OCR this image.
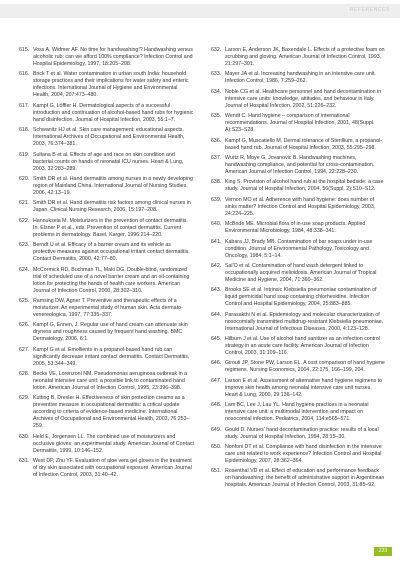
REFERENCES
615. Voss A, Widmer AF. No time for handwashing!? Handwashing versus alcoholic rub: can we afford 100% compliance? Infection Control and Hospital Epidemiology, 1997, 18:205–208.
616. Brick T et al. Water contamination in urban south India: household storage practices and their implications for water safety and enteric infections. International Journal of Hygiene and Environmental Health, 2004, 207:473–480.
617. Kampf G, Löffler H. Dermatological aspects of a successful introduction and continuation of alcohol-based hand rubs for hygienic hand disinfection. Journal of Hospital Infection, 2003, 55:1–7.
618. Schwanitz HJ et al. Skin care management: educational aspects. International Archives of Occupational and Environmental Health, 2003, 76:374–381.
619. Sultana B et al. Effects of age and race on skin condition and bacterial counts on hands of neonatal ICU nurses. Heart & Lung, 2003, 32:283–289.
620. Smith DR et al. Hand dermatitis among nurses in a newly developing region of Mainland China. International Journal of Nursing Studies, 2006, 42:13–19.
621. Smith DR et al. Hand dermatitis risk factors among clinical nurses in Japan. Clinical Nursing Research, 2006, 15:197–208.
622. Hannuksela M. Moisturizers in the prevention of contact dermatitis. In: Elsner P et al., eds. Prevention of contact dermatitis. Current problems in dermatology. Basel, Karger, 1996:214–220.
623. Berndt U et al. Efficacy of a barrier cream and its vehicle as protective measures against occupational irritant contact dermatitis. Contact Dermatitis, 2000, 42:77–80.
624. McCormick RD, Buchman TL, Maki DG. Double-blind, randomized trial of scheduled use of a novel barrier cream and an oil-containing lotion for protecting the hands of health care workers. American Journal of Infection Control, 2000, 28:302–310.
625. Ramsing DW, Agner T. Preventive and therapeutic effects of a moisturizer. An experimental study of human skin. Acta dermato-venereologica, 1997, 77:335–337.
626. Kampf G, Ennen, J. Regular use of hand cream can attenuate skin dryness and roughness caused by frequent hand washing. BMC Dermatology, 2006, 6:1.
627. Kampf G et al. Emollients in a propanol-based hand rub can significantly decrease irritant contact dermatitis. Contact Dermatitis, 2005, 53:344–349.
628. Becks VE, Lorenzoni NM. Pseudomonas aeruginosa outbreak in a neonatal intensive care unit: a possible link to contaminated hand lotion. American Journal of Infection Control, 1995, 23:396–398.
629. Kutting B, Drexler H. Effectiveness of skin protection creams as a preventive measure in occupational dermatitis: a critical update according to criteria of evidence-based medicine. International Archives of Occupational and Environmental Health, 2003, 76:253–259.
630. Held E, Jorgensen LL. The combined use of moisturizers and occlusive gloves: an experimental study. American Journal of Contact Dermatitis, 1999, 10:146–152.
631. West DP, Zhu YF. Evaluation of aloe vera gel gloves in the treatment of dry skin associated with occupational exposure. American Journal of Infection Control, 2003, 31:40–42.
632. Larson E, Anderson JK, Baxendale L. Effects of a protective foam on scrubbing and gloving. American Journal of Infection Control, 1993, 21:297–301.
633. Mayer JA et al. Increasing handwashing in an intensive care unit. Infection Control, 1986, 7:259–262.
634. Noble CG et al. Healthcare personnel and hand decontamination in intensive care units: knowledge, attitudes, and behaviour in Italy. Journal of Hospital Infection, 2002, 51:226–232.
635. Wendt C. Hand hygiene – comparison of international recommendations. Journal of Hospital Infection, 2001, 48(Suppl. A):S23–S28.
636. Kampf G, Muscatiello M. Dermal tolerance of Sterillium, a propanol-based hand rub. Journal of Hospital Infection, 2003, 55:295–298.
637. Wurtz R, Moye G, Jovanovic B. Handwashing machines, handwashing compliance, and potential for cross-contamination. American Journal of Infection Control, 1994, 22:228–230.
638. King S. Provision of alcohol hand rub at the hospital bedside: a case study. Journal of Hospital Infection, 2004, 56(Suppl. 2):S10–S12.
639. Vernon MO et al. Adherence with hand hygiene: does number of sinks matter? Infection Control and Hospital Epidemiology, 2003, 24:224–225.
640. McBride ME. Microbial flora of in-use soap products. Applied Environmental Microbiology, 1984, 48:338–341.
641. Kabara JJ, Brady MB. Contamination of bar soaps under in-use condition. Journal of Environmental Pathology, Toxicology and Oncology, 1984, 5:1–14.
642. Sal'O et al. Contamination of hand wash detergent linked to occupationally acquired melioidosis. American Journal of Tropical Medicine and Hygiene, 2004, 71:360–362.
643. Brooks SE et al. Intrinsic Klebsiella pneumoniae contamination of liquid germicidal hand soap containing chlorhexidine. Infection Control and Hospital Epidemiology, 2004, 25:883–885.
644. Parasakthi N et al. Epidemiology and molecular characterization of nosocomially transmitted multidrug-resistant Klebsiella pneumoniae. International Journal of Infectious Diseases, 2000, 4:123–128.
645. Hilburn J et al. Use of alcohol hand sanitizer as an infection control strategy in an acute care facility. American Journal of Infection Control, 2003, 31:109–116.
646. Girouti JP, Stone PW, Larson EL. A cost comparison of hand hygiene regimens. Nursing Economics, 2004, 22:175, 166–199, 204.
647. Larson E et al. Assessment of alternative hand hygiene regimens to improve skin health among neonatal intensive care unit nurses. Heart & Lung, 2000, 29:136–142.
648. Lam BC, Lee J, Lau YL. Hand hygiene practices in a neonatal intensive care unit: a multimodal intervention and impact on nosocomial infection. Pediatrics, 2004, 114:e565–571.
649. Gould D. Nurses' hand decontamination practice: results of a local study. Journal of Hospital Infection, 1994, 28:15–30.
650. Nonfoni DT et al. Compliance with hand disinfection in the intensive care unit related to work experience? Infection Control and Hospital Epidemiology, 2007, 28:362–364.
651. Rosenthal VD et al. Effect of education and performance feedback on handwashing: the benefit of administrative support in Argentinean hospitals. American Journal of Infection Control, 2003, 31:85–92.
223
